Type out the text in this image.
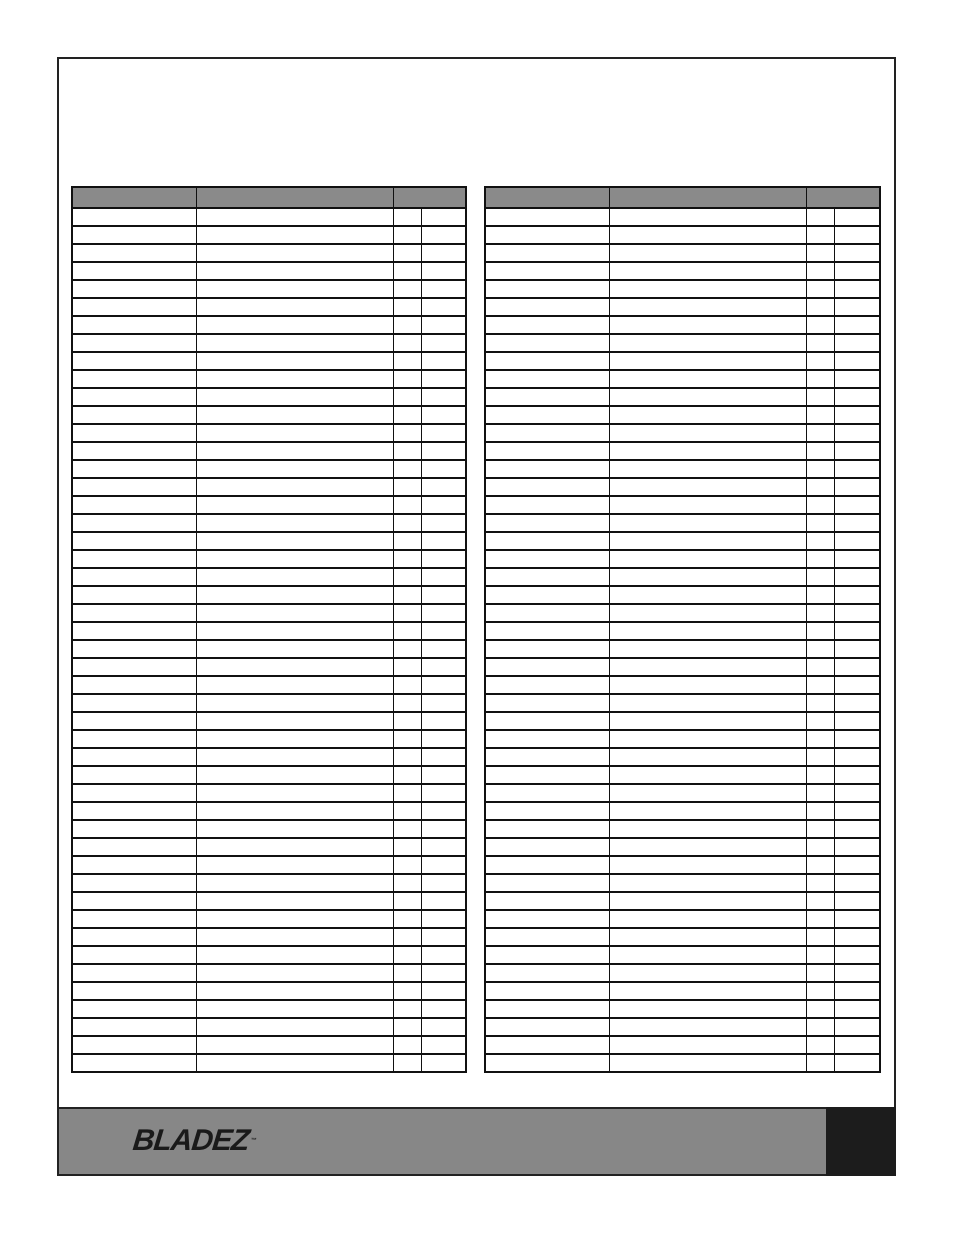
BLADEZ™
